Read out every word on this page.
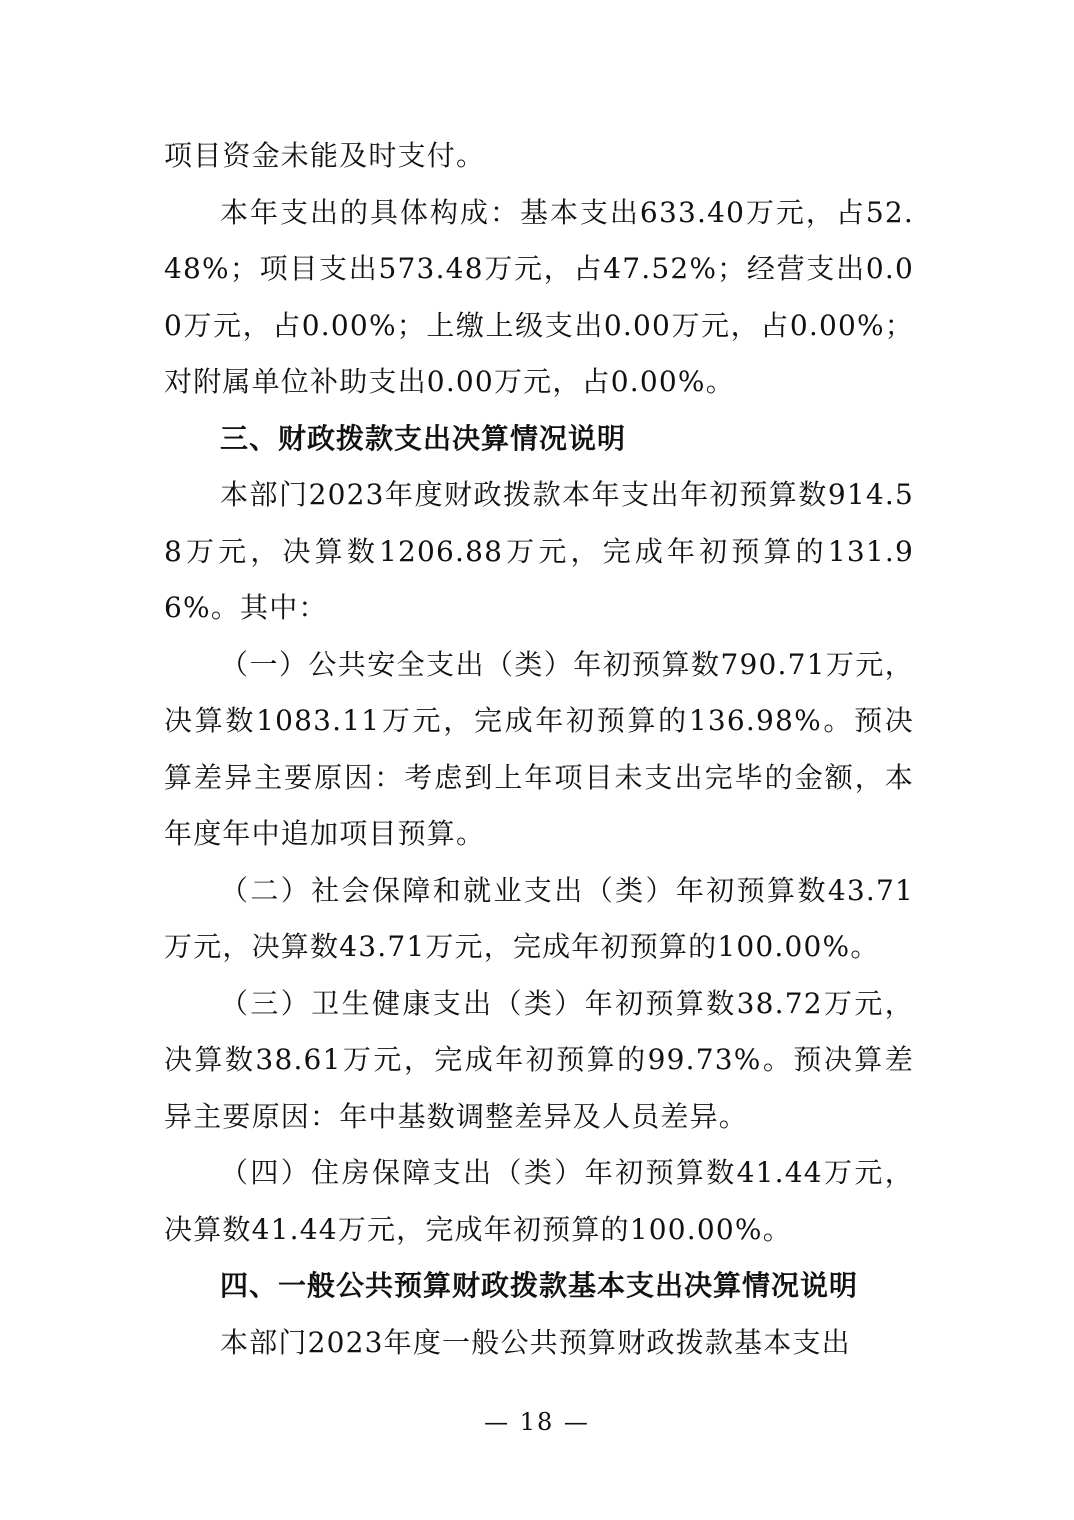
项目资金未能及时支付。

本年支出的具体构成：基本支出633.40万元，占52.48%；项目支出573.48万元，占47.52%；经营支出0.00万元，占0.00%；上缴上级支出0.00万元，占0.00%；对附属单位补助支出0.00万元，占0.00%。

三、财政拨款支出决算情况说明

本部门2023年度财政拨款本年支出年初预算数914.58万元，决算数1206.88万元，完成年初预算的131.96%。其中：

（一）公共安全支出（类）年初预算数790.71万元，决算数1083.11万元，完成年初预算的136.98%。预决算差异主要原因：考虑到上年项目未支出完毕的金额，本年度年中追加项目预算。

（二）社会保障和就业支出（类）年初预算数43.71万元，决算数43.71万元，完成年初预算的100.00%。

（三）卫生健康支出（类）年初预算数38.72万元，决算数38.61万元，完成年初预算的99.73%。预决算差异主要原因：年中基数调整差异及人员差异。

（四）住房保障支出（类）年初预算数41.44万元，决算数41.44万元，完成年初预算的100.00%。

四、一般公共预算财政拨款基本支出决算情况说明

本部门2023年度一般公共预算财政拨款基本支出

— 18 —
